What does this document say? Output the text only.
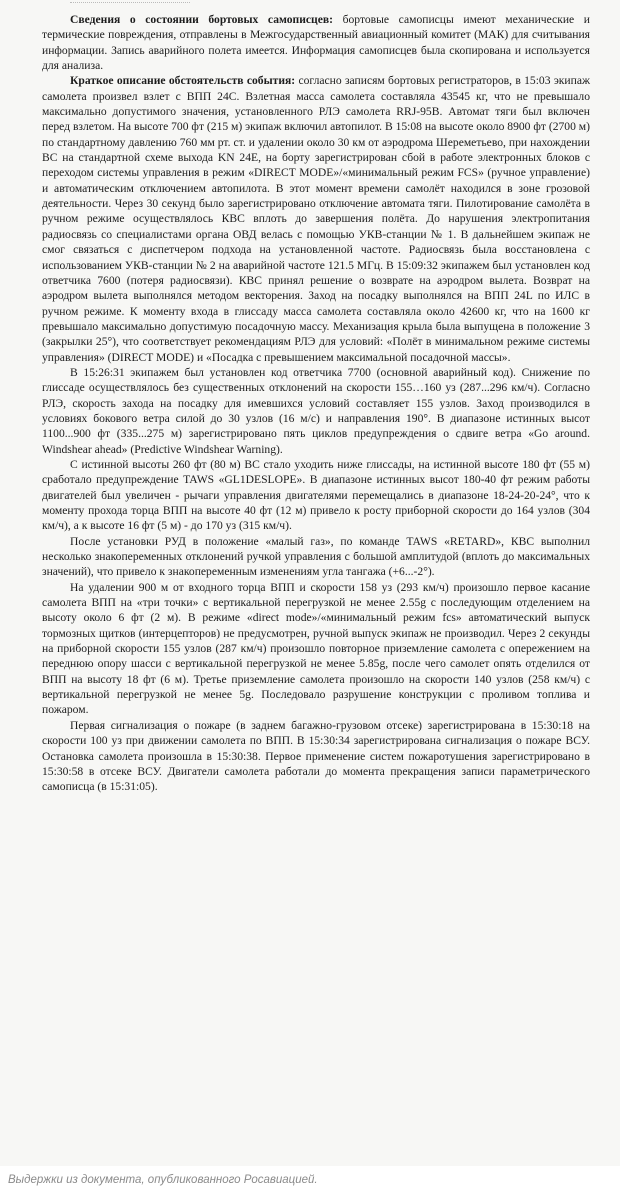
Сведения о состоянии бортовых самописцев: бортовые самописцы имеют механические и термические повреждения, отправлены в Межгосударственный авиационный комитет (МАК) для считывания информации. Запись аварийного полета имеется. Информация самописцев была скопирована и используется для анализа.

Краткое описание обстоятельств события: согласно записям бортовых регистраторов, в 15:03 экипаж самолета произвел взлет с ВПП 24С. Взлетная масса самолета составляла 43545 кг, что не превышало максимально допустимого значения, установленного РЛЭ самолета RRJ-95B. Автомат тяги был включен перед взлетом. На высоте 700 фт (215 м) экипаж включил автопилот. В 15:08 на высоте около 8900 фт (2700 м) по стандартному давлению 760 мм рт. ст. и удалении около 30 км от аэродрома Шереметьево, при нахождении ВС на стандартной схеме выхода KN 24E, на борту зарегистрирован сбой в работе электронных блоков с переходом системы управления в режим «DIRECT MODE»/«минимальный режим FCS» (ручное управление) и автоматическим отключением автопилота. В этот момент времени самолёт находился в зоне грозовой деятельности. Через 30 секунд было зарегистрировано отключение автомата тяги. Пилотирование самолёта в ручном режиме осуществлялось КВС вплоть до завершения полёта. До нарушения электропитания радиосвязь со специалистами органа ОВД велась с помощью УКВ-станции № 1. В дальнейшем экипаж не смог связаться с диспетчером подхода на установленной частоте. Радиосвязь была восстановлена с использованием УКВ-станции № 2 на аварийной частоте 121.5 МГц. В 15:09:32 экипажем был установлен код ответчика 7600 (потеря радиосвязи). КВС принял решение о возврате на аэродром вылета. Возврат на аэродром вылета выполнялся методом векторения. Заход на посадку выполнялся на ВПП 24L по ИЛС в ручном режиме. К моменту входа в глиссаду масса самолета составляла около 42600 кг, что на 1600 кг превышало максимально допустимую посадочную массу. Механизация крыла была выпущена в положение 3 (закрылки 25°), что соответствует рекомендациям РЛЭ для условий: «Полёт в минимальном режиме системы управления» (DIRECT MODE) и «Посадка с превышением максимальной посадочной массы».

В 15:26:31 экипажем был установлен код ответчика 7700 (основной аварийный код). Снижение по глиссаде осуществлялось без существенных отклонений на скорости 155…160 уз (287...296 км/ч). Согласно РЛЭ, скорость захода на посадку для имевшихся условий составляет 155 узлов. Заход производился в условиях бокового ветра силой до 30 узлов (16 м/с) и направления 190°. В диапазоне истинных высот 1100...900 фт (335...275 м) зарегистрировано пять циклов предупреждения о сдвиге ветра «Go around. Windshear ahead» (Predictive Windshear Warning).

С истинной высоты 260 фт (80 м) ВС стало уходить ниже глиссады, на истинной высоте 180 фт (55 м) сработало предупреждение TAWS «GL1DESLOPE». В диапазоне истинных высот 180-40 фт режим работы двигателей был увеличен - рычаги управления двигателями перемещались в диапазоне 18-24-20-24°, что к моменту прохода торца ВПП на высоте 40 фт (12 м) привело к росту приборной скорости до 164 узлов (304 км/ч), а к высоте 16 фт (5 м) - до 170 уз (315 км/ч).

После установки РУД в положение «малый газ», по команде TAWS «RETARD», КВС выполнил несколько знакопеременных отклонений ручкой управления с большой амплитудой (вплоть до максимальных значений), что привело к знакопеременным изменениям угла тангажа (+6...-2°).

На удалении 900 м от входного торца ВПП и скорости 158 уз (293 км/ч) произошло первое касание самолета ВПП на «три точки» с вертикальной перегрузкой не менее 2.55g с последующим отделением на высоту около 6 фт (2 м). В режиме «direct mode»/«минимальный режим fcs» автоматический выпуск тормозных щитков (интерцепторов) не предусмотрен, ручной выпуск экипаж не производил. Через 2 секунды на приборной скорости 155 узлов (287 км/ч) произошло повторное приземление самолета с опережением на переднюю опору шасси с вертикальной перегрузкой не менее 5.85g, после чего самолет опять отделился от ВПП на высоту 18 фт (6 м). Третье приземление самолета произошло на скорости 140 узлов (258 км/ч) с вертикальной перегрузкой не менее 5g. Последовало разрушение конструкции с проливом топлива и пожаром.

Первая сигнализация о пожаре (в заднем багажно-грузовом отсеке) зарегистрирована в 15:30:18 на скорости 100 уз при движении самолета по ВПП. В 15:30:34 зарегистрирована сигнализация о пожаре ВСУ. Остановка самолета произошла в 15:30:38. Первое применение систем пожаротушения зарегистрировано в 15:30:58 в отсеке ВСУ. Двигатели самолета работали до момента прекращения записи параметрического самописца (в 15:31:05).

Выдержки из документа, опубликованного Росавиацией.
